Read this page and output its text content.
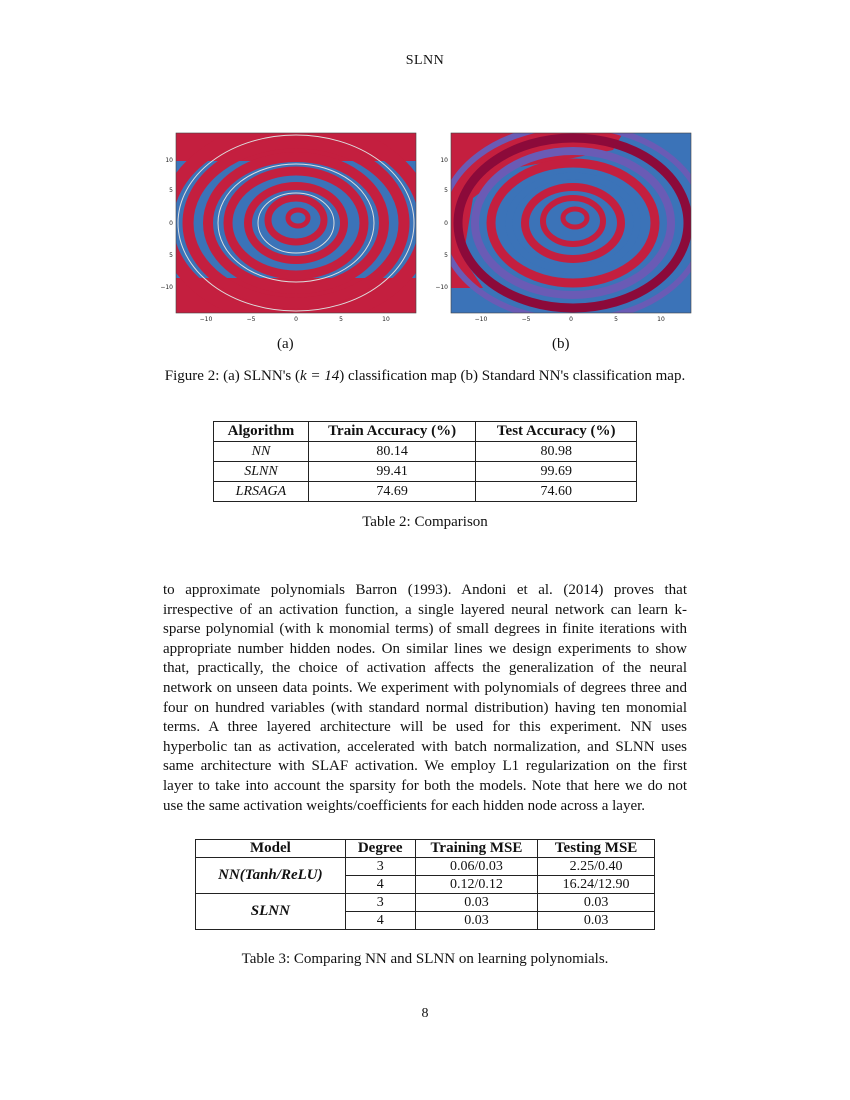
SLNN
−10	−5	0	5	10
10
5
0
5
−10
−10	−5	0	5	10
10
5
0
5
−10
(a)	(b)
Figure 2: (a) SLNN's (k = 14) classification map (b) Standard NN's classification map.
Algorithm	Train Accuracy (%)	Test Accuracy (%)
NN	80.14	80.98
SLNN	99.41	99.69
LRSAGA	74.69	74.60
Table 2: Comparison
to approximate polynomials Barron (1993). Andoni et al. (2014) proves that irrespective of an activation function, a single layered neural network can learn k-sparse polynomial (with k monomial terms) of small degrees in finite iterations with appropriate number hidden nodes. On similar lines we design experiments to show that, practically, the choice of activation affects the generalization of the neural network on unseen data points. We experiment with polynomials of degrees three and four on hundred variables (with standard normal distribution) having ten monomial terms. A three layered architecture will be used for this experiment. NN uses hyperbolic tan as activation, accelerated with batch normalization, and SLNN uses same architecture with SLAF activation. We employ L1 regularization on the first layer to take into account the sparsity for both the models. Note that here we do not use the same activation weights/coefficients for each hidden node across a layer.
Model	Degree	Training MSE	Testing MSE
NN(Tanh/ReLU)	3	0.06/0.03	2.25/0.40
	4	0.12/0.12	16.24/12.90
SLNN	3	0.03	0.03
	4	0.03	0.03
Table 3: Comparing NN and SLNN on learning polynomials.
8
